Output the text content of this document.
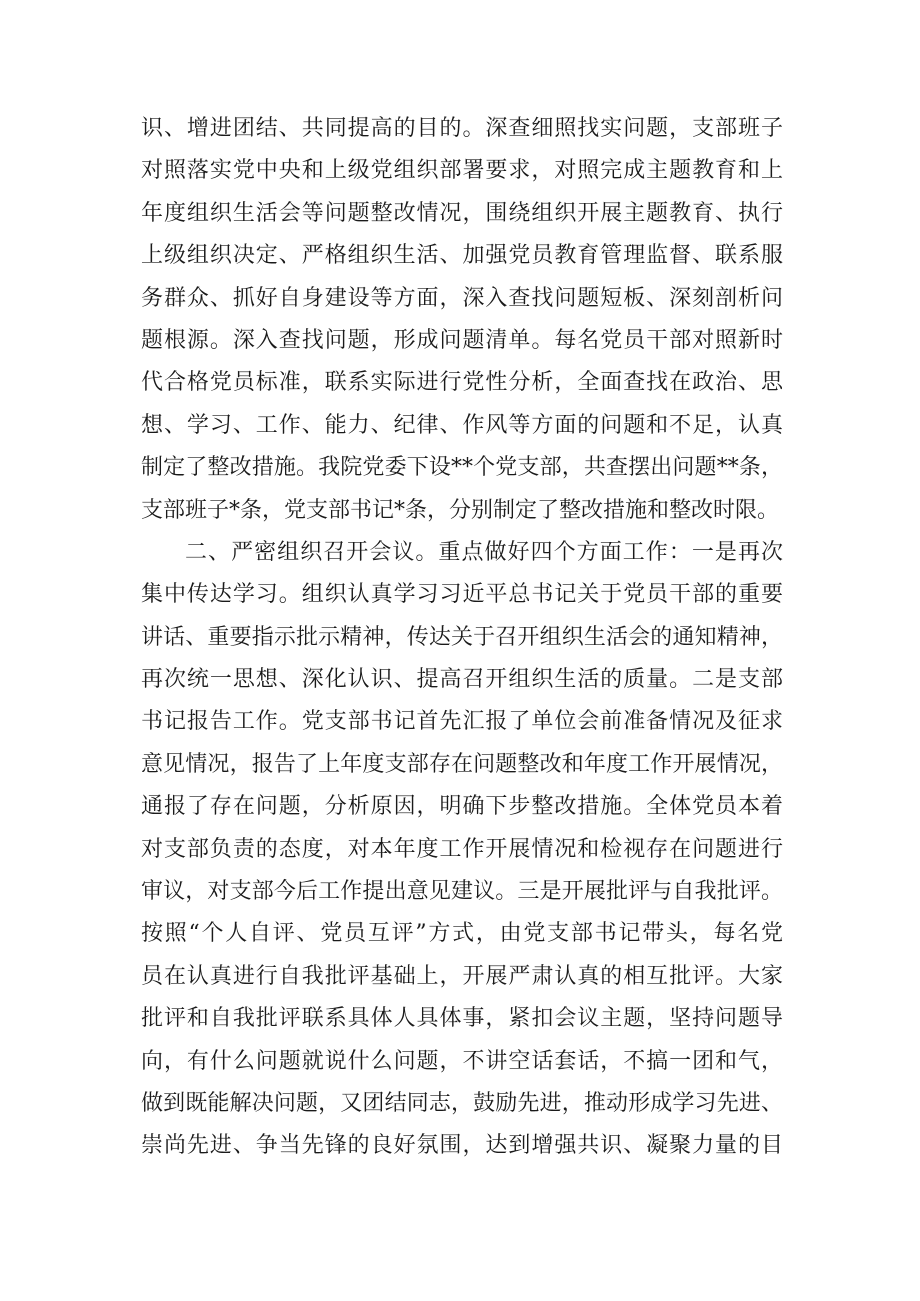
识、增进团结、共同提高的目的。深查细照找实问题，支部班子
对照落实党中央和上级党组织部署要求，对照完成主题教育和上
年度组织生活会等问题整改情况，围绕组织开展主题教育、执行
上级组织决定、严格组织生活、加强党员教育管理监督、联系服
务群众、抓好自身建设等方面，深入查找问题短板、深刻剖析问
题根源。深入查找问题，形成问题清单。每名党员干部对照新时
代合格党员标准，联系实际进行党性分析，全面查找在政治、思
想、学习、工作、能力、纪律、作风等方面的问题和不足，认真
制定了整改措施。我院党委下设**个党支部，共查摆出问题**条，
支部班子*条，党支部书记*条，分别制定了整改措施和整改时限。
二、严密组织召开会议。重点做好四个方面工作：一是再次
集中传达学习。组织认真学习习近平总书记关于党员干部的重要
讲话、重要指示批示精神，传达关于召开组织生活会的通知精神，
再次统一思想、深化认识、提高召开组织生活的质量。二是支部
书记报告工作。党支部书记首先汇报了单位会前准备情况及征求
意见情况，报告了上年度支部存在问题整改和年度工作开展情况，
通报了存在问题，分析原因，明确下步整改措施。全体党员本着
对支部负责的态度，对本年度工作开展情况和检视存在问题进行
审议，对支部今后工作提出意见建议。三是开展批评与自我批评。
按照“个人自评、党员互评”方式，由党支部书记带头，每名党
员在认真进行自我批评基础上，开展严肃认真的相互批评。大家
批评和自我批评联系具体人具体事，紧扣会议主题，坚持问题导
向，有什么问题就说什么问题，不讲空话套话，不搞一团和气，
做到既能解决问题，又团结同志，鼓励先进，推动形成学习先进、
崇尚先进、争当先锋的良好氛围，达到增强共识、凝聚力量的目
